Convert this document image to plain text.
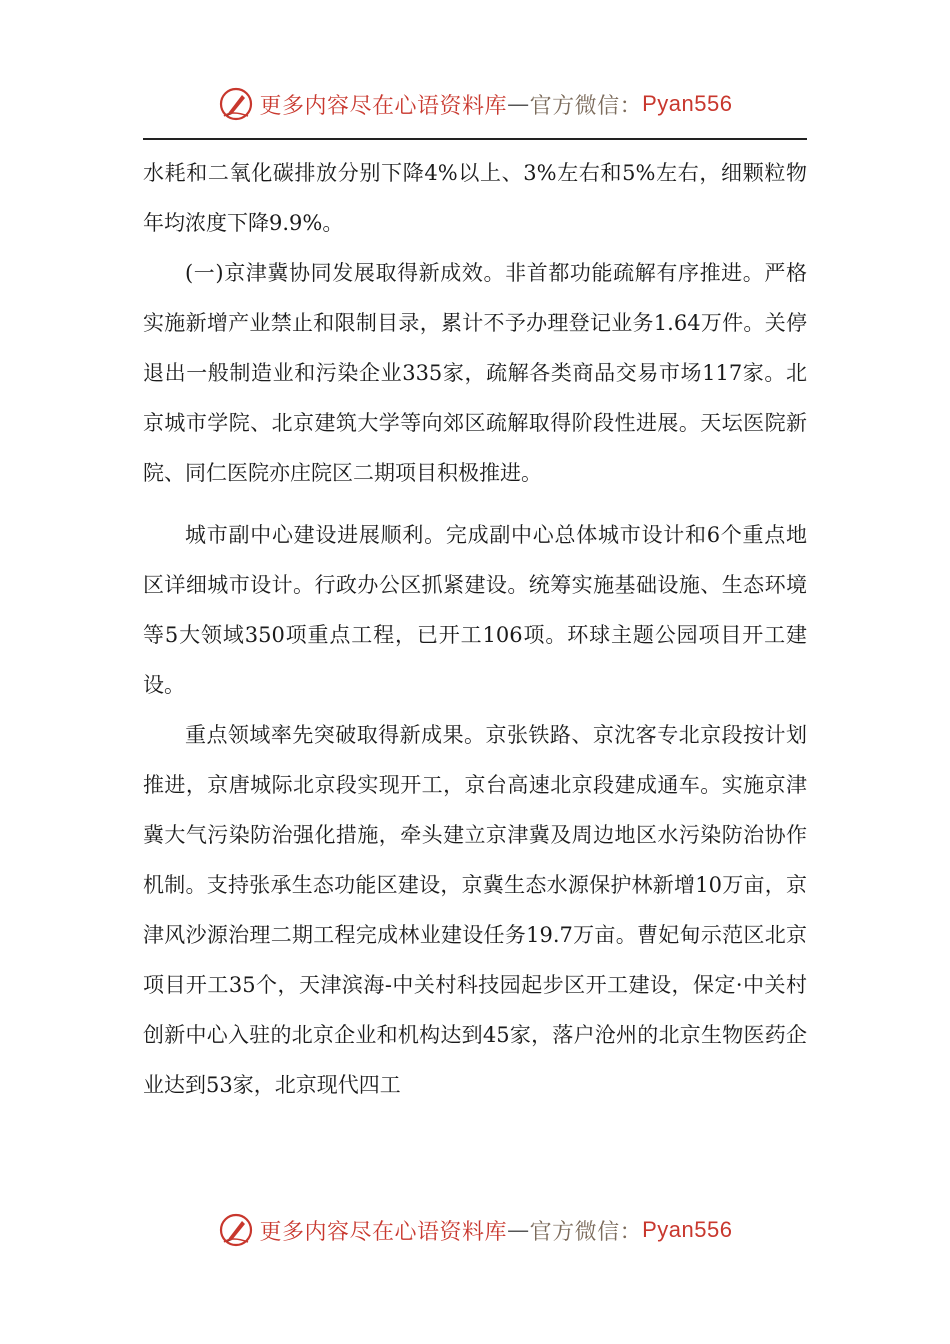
更多内容尽在心语资料库 — 官方微信： Pyan556

水耗和二氧化碳排放分别下降4%以上、3%左右和5%左右，细颗粒物年均浓度下降9.9%。

(一)京津冀协同发展取得新成效。非首都功能疏解有序推进。严格实施新增产业禁止和限制目录，累计不予办理登记业务1.64万件。关停退出一般制造业和污染企业335家，疏解各类商品交易市场117家。北京城市学院、北京建筑大学等向郊区疏解取得阶段性进展。天坛医院新院、同仁医院亦庄院区二期项目积极推进。

城市副中心建设进展顺利。完成副中心总体城市设计和6个重点地区详细城市设计。行政办公区抓紧建设。统筹实施基础设施、生态环境等5大领域350项重点工程，已开工106项。环球主题公园项目开工建设。

重点领域率先突破取得新成果。京张铁路、京沈客专北京段按计划推进，京唐城际北京段实现开工，京台高速北京段建成通车。实施京津冀大气污染防治强化措施，牵头建立京津冀及周边地区水污染防治协作机制。支持张承生态功能区建设，京冀生态水源保护林新增10万亩，京津风沙源治理二期工程完成林业建设任务19.7万亩。曹妃甸示范区北京项目开工35个，天津滨海-中关村科技园起步区开工建设，保定·中关村创新中心入驻的北京企业和机构达到45家，落户沧州的北京生物医药企业达到53家，北京现代四工

更多内容尽在心语资料库 — 官方微信： Pyan556
